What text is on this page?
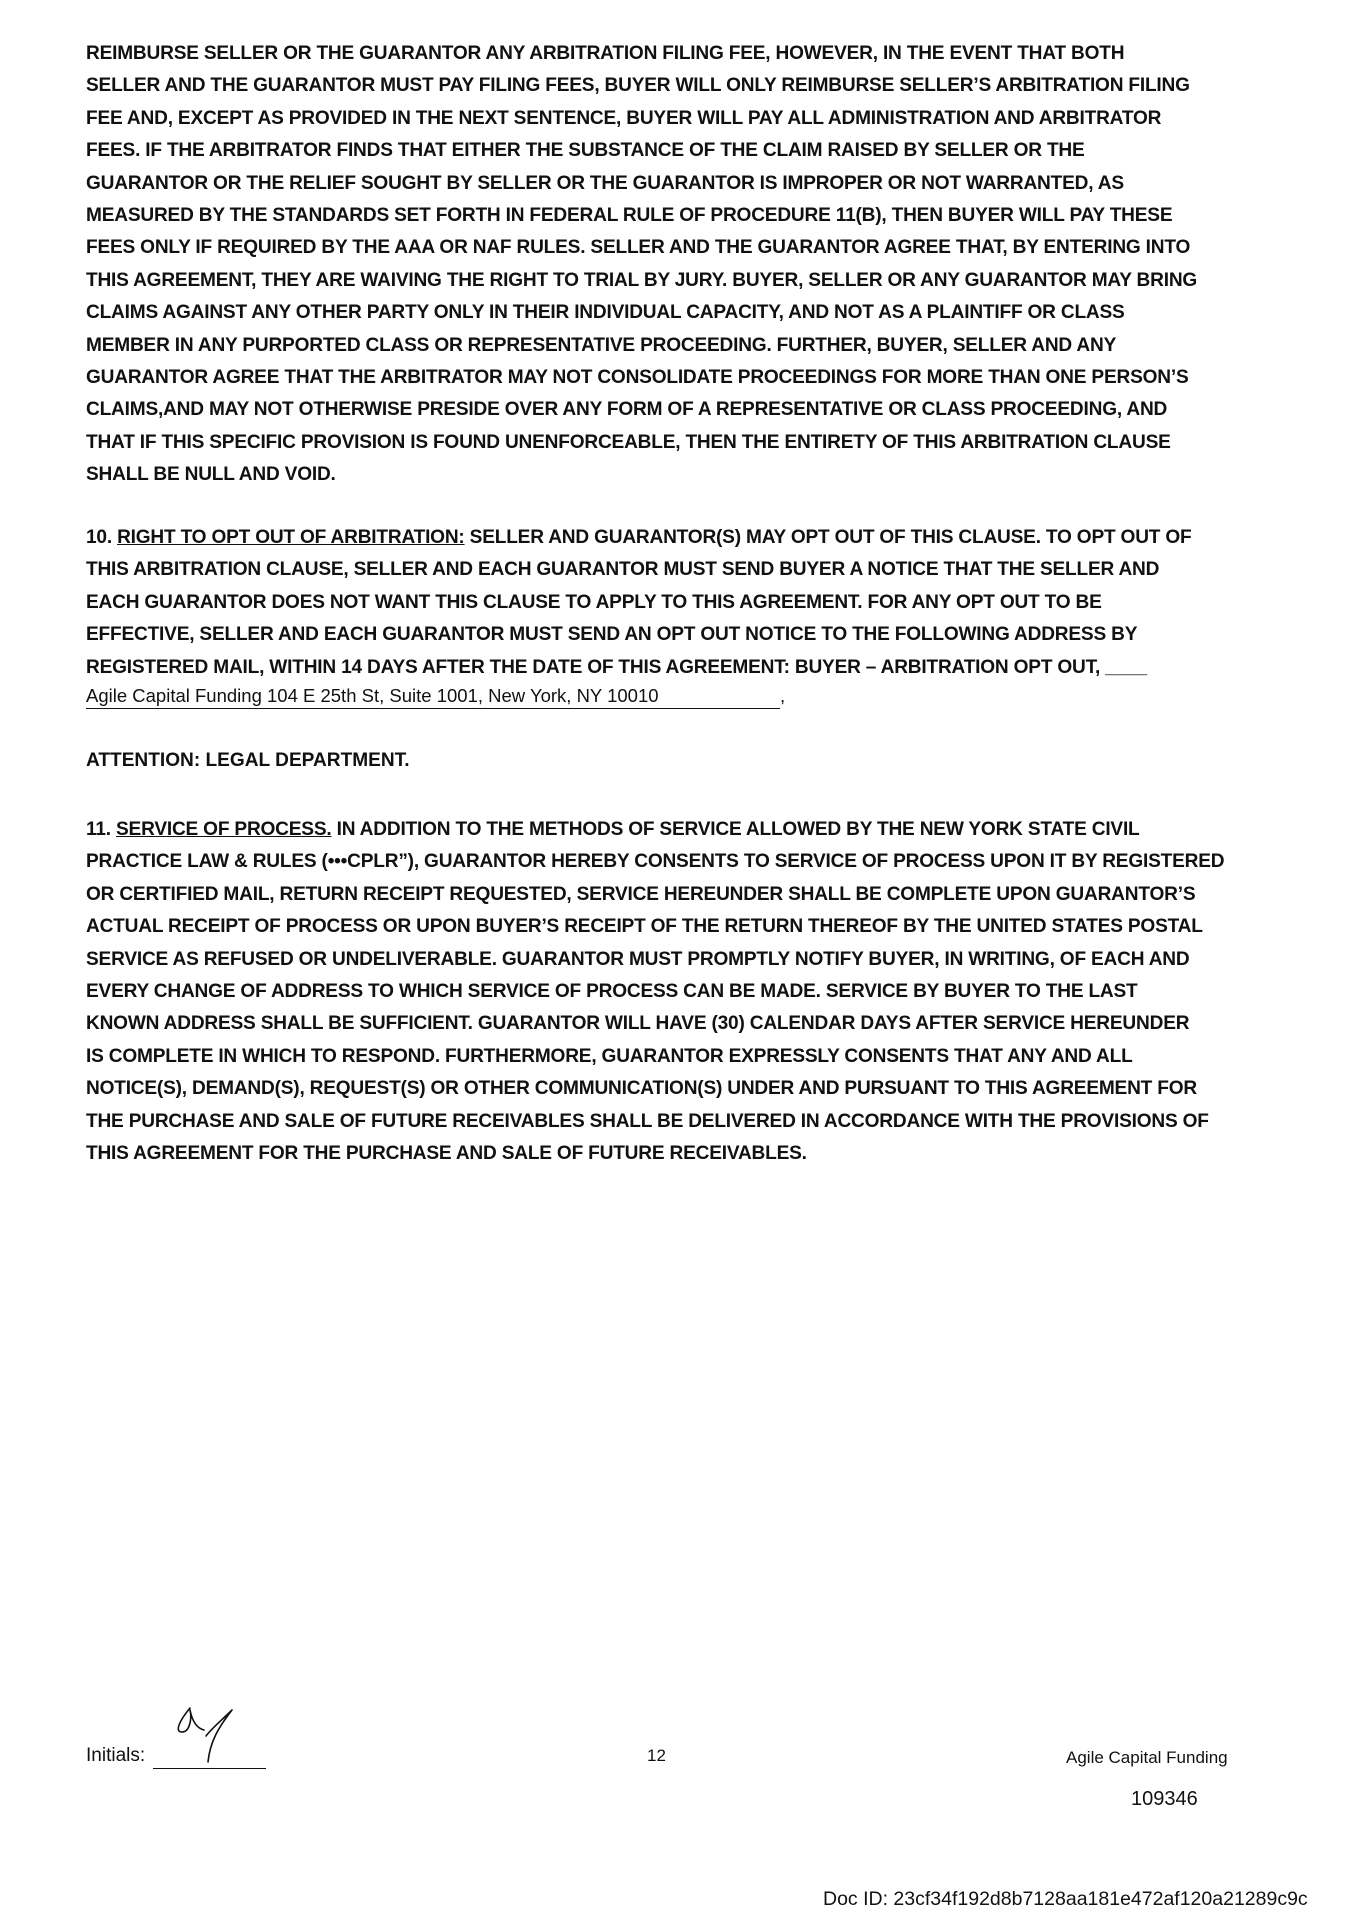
REIMBURSE SELLER OR THE GUARANTOR ANY ARBITRATION FILING FEE, HOWEVER, IN THE EVENT THAT BOTH
SELLER AND THE GUARANTOR MUST PAY FILING FEES, BUYER WILL ONLY REIMBURSE SELLER’S ARBITRATION FILING
FEE AND, EXCEPT AS PROVIDED IN THE NEXT SENTENCE, BUYER WILL PAY ALL ADMINISTRATION AND ARBITRATOR
FEES. IF THE ARBITRATOR FINDS THAT EITHER THE SUBSTANCE OF THE CLAIM RAISED BY SELLER OR THE
GUARANTOR OR THE RELIEF SOUGHT BY SELLER OR THE GUARANTOR IS IMPROPER OR NOT WARRANTED, AS
MEASURED BY THE STANDARDS SET FORTH IN FEDERAL RULE OF PROCEDURE 11(B), THEN BUYER WILL PAY THESE
FEES ONLY IF REQUIRED BY THE AAA OR NAF RULES. SELLER AND THE GUARANTOR AGREE THAT, BY ENTERING INTO
THIS AGREEMENT, THEY ARE WAIVING THE RIGHT TO TRIAL BY JURY. BUYER, SELLER OR ANY GUARANTOR MAY BRING
CLAIMS AGAINST ANY OTHER PARTY ONLY IN THEIR INDIVIDUAL CAPACITY, AND NOT AS A PLAINTIFF OR CLASS
MEMBER IN ANY PURPORTED CLASS OR REPRESENTATIVE PROCEEDING. FURTHER, BUYER, SELLER AND ANY
GUARANTOR AGREE THAT THE ARBITRATOR MAY NOT CONSOLIDATE PROCEEDINGS FOR MORE THAN ONE PERSON’S
CLAIMS,AND MAY NOT OTHERWISE PRESIDE OVER ANY FORM OF A REPRESENTATIVE OR CLASS PROCEEDING, AND
THAT IF THIS SPECIFIC PROVISION IS FOUND UNENFORCEABLE, THEN THE ENTIRETY OF THIS ARBITRATION CLAUSE
SHALL BE NULL AND VOID.

10. RIGHT TO OPT OUT OF ARBITRATION: SELLER AND GUARANTOR(S) MAY OPT OUT OF THIS CLAUSE. TO OPT OUT OF
THIS ARBITRATION CLAUSE, SELLER AND EACH GUARANTOR MUST SEND BUYER A NOTICE THAT THE SELLER AND
EACH GUARANTOR DOES NOT WANT THIS CLAUSE TO APPLY TO THIS AGREEMENT. FOR ANY OPT OUT TO BE
EFFECTIVE, SELLER AND EACH GUARANTOR MUST SEND AN OPT OUT NOTICE TO THE FOLLOWING ADDRESS BY
REGISTERED MAIL, WITHIN 14 DAYS AFTER THE DATE OF THIS AGREEMENT: BUYER – ARBITRATION OPT OUT, ____

Agile Capital Funding 104 E 25th St, Suite 1001, New York, NY 10010	,
ATTENTION: LEGAL DEPARTMENT.

11. SERVICE OF PROCESS. IN ADDITION TO THE METHODS OF SERVICE ALLOWED BY THE NEW YORK STATE CIVIL
PRACTICE LAW & RULES (•••CPLR”), GUARANTOR HEREBY CONSENTS TO SERVICE OF PROCESS UPON IT BY REGISTERED
OR CERTIFIED MAIL, RETURN RECEIPT REQUESTED, SERVICE HEREUNDER SHALL BE COMPLETE UPON GUARANTOR’S
ACTUAL RECEIPT OF PROCESS OR UPON BUYER’S RECEIPT OF THE RETURN THEREOF BY THE UNITED STATES POSTAL
SERVICE AS REFUSED OR UNDELIVERABLE. GUARANTOR MUST PROMPTLY NOTIFY BUYER, IN WRITING, OF EACH AND
EVERY CHANGE OF ADDRESS TO WHICH SERVICE OF PROCESS CAN BE MADE. SERVICE BY BUYER TO THE LAST
KNOWN ADDRESS SHALL BE SUFFICIENT. GUARANTOR WILL HAVE (30) CALENDAR DAYS AFTER SERVICE HEREUNDER
IS COMPLETE IN WHICH TO RESPOND. FURTHERMORE, GUARANTOR EXPRESSLY CONSENTS THAT ANY AND ALL
NOTICE(S), DEMAND(S), REQUEST(S) OR OTHER COMMUNICATION(S) UNDER AND PURSUANT TO THIS AGREEMENT FOR
THE PURCHASE AND SALE OF FUTURE RECEIVABLES SHALL BE DELIVERED IN ACCORDANCE WITH THE PROVISIONS OF
THIS AGREEMENT FOR THE PURCHASE AND SALE OF FUTURE RECEIVABLES.

Initials:	12	Agile Capital Funding
109346
Doc ID: 23cf34f192d8b7128aa181e472af120a21289c9c
